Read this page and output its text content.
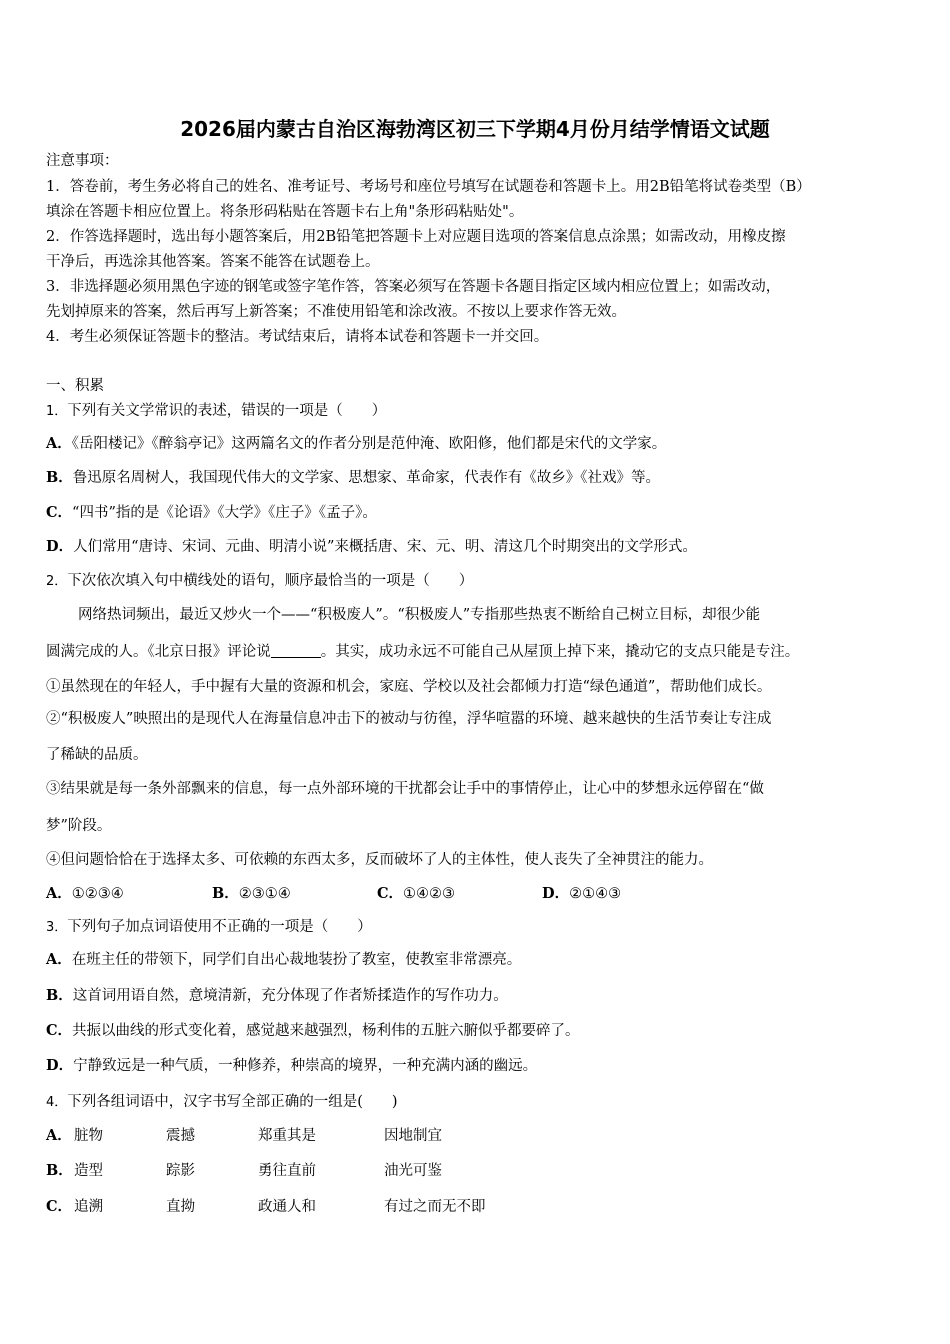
2026届内蒙古自治区海勃湾区初三下学期4月份月结学情语文试题
注意事项：
1．答卷前，考生务必将自己的姓名、准考证号、考场号和座位号填写在试题卷和答题卡上。用2B铅笔将试卷类型（B）
填涂在答题卡相应位置上。将条形码粘贴在答题卡右上角"条形码粘贴处"。
2．作答选择题时，选出每小题答案后，用2B铅笔把答题卡上对应题目选项的答案信息点涂黑；如需改动，用橡皮擦
干净后，再选涂其他答案。答案不能答在试题卷上。
3．非选择题必须用黑色字迹的钢笔或签字笔作答，答案必须写在答题卡各题目指定区域内相应位置上；如需改动，
先划掉原来的答案，然后再写上新答案；不准使用铅笔和涂改液。不按以上要求作答无效。
4．考生必须保证答题卡的整洁。考试结束后，请将本试卷和答题卡一并交回。
一、积累
1．下列有关文学常识的表述，错误的一项是（　　）
A．《岳阳楼记》《醉翁亭记》这两篇名文的作者分别是范仲淹、欧阳修，他们都是宋代的文学家。
B．鲁迅原名周树人，我国现代伟大的文学家、思想家、革命家，代表作有《故乡》《社戏》等。
C．“四书”指的是《论语》《大学》《庄子》《孟子》。
D．人们常用“唐诗、宋词、元曲、明清小说”来概括唐、宋、元、明、清这几个时期突出的文学形式。
2．下次依次填入句中横线处的语句，顺序最恰当的一项是（　　）
网络热词频出，最近又炒火一个——“积极废人”。“积极废人”专指那些热衷不断给自己树立目标，却很少能
圆满完成的人。《北京日报》评论说	。其实，成功永远不可能自己从屋顶上掉下来，撬动它的支点只能是专注。
①虽然现在的年轻人，手中握有大量的资源和机会，家庭、学校以及社会都倾力打造“绿色通道”，帮助他们成长。
②“积极废人”映照出的是现代人在海量信息冲击下的被动与彷徨，浮华喧嚣的环境、越来越快的生活节奏让专注成
了稀缺的品质。
③结果就是每一条外部飘来的信息，每一点外部环境的干扰都会让手中的事情停止，让心中的梦想永远停留在“做
梦”阶段。
④但问题恰恰在于选择太多、可依赖的东西太多，反而破坏了人的主体性，使人丧失了全神贯注的能力。
A．①②③④	B．②③①④	C．①④②③	D．②①④③
3．下列句子加点词语使用不正确的一项是（　　）
A．在班主任的带领下，同学们自出心裁地装扮了教室，使教室非常漂亮。
B．这首词用语自然，意境清新，充分体现了作者矫揉造作的写作功力。
C．共振以曲线的形式变化着，感觉越来越强烈，杨利伟的五脏六腑似乎都要碎了。
D．宁静致远是一种气质，一种修养，种崇高的境界，一种充满内涵的幽远。
4．下列各组词语中，汉字书写全部正确的一组是(　　)
A． 脏物	震撼	郑重其是	因地制宜
B． 造型	踪影	勇往直前	油光可鉴
C． 追溯	直拗	政通人和	有过之而无不即
